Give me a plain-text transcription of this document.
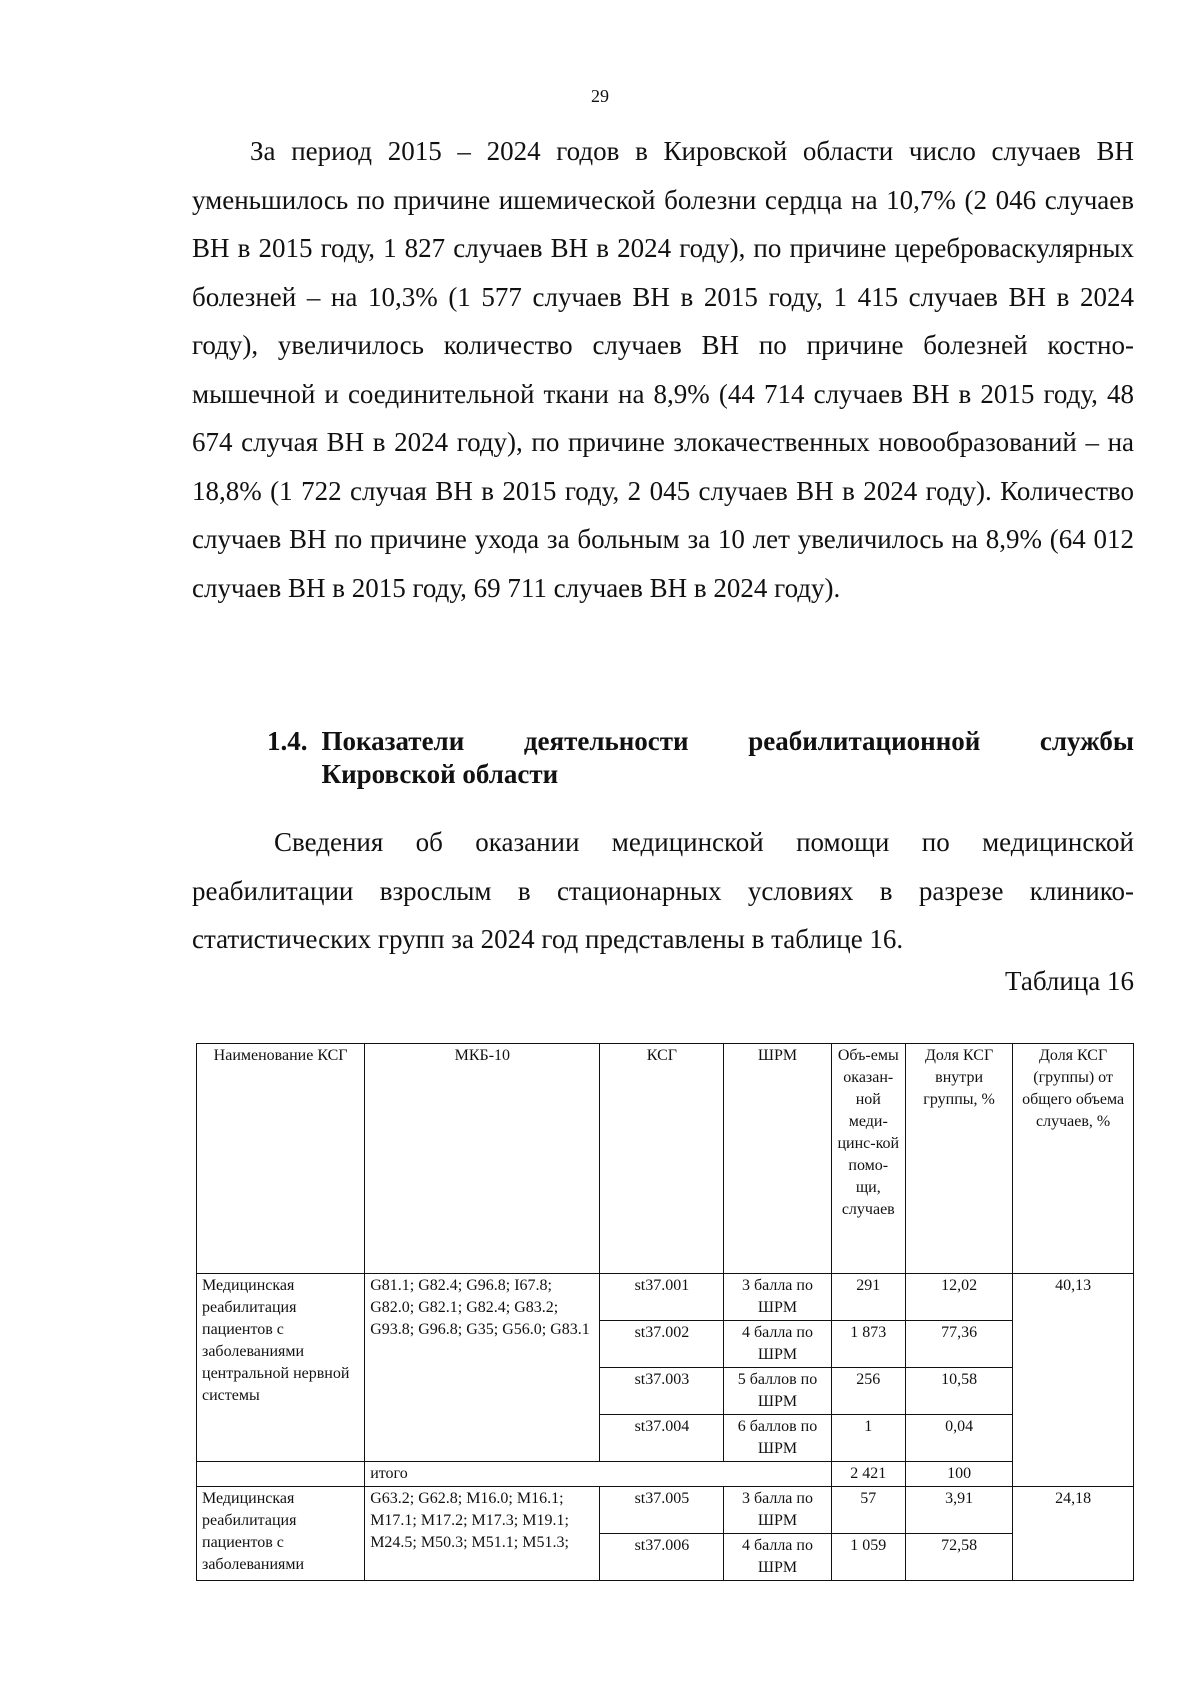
29

За период 2015 – 2024 годов в Кировской области число случаев ВН уменьшилось по причине ишемической болезни сердца на 10,7% (2 046 случаев ВН в 2015 году, 1 827 случаев ВН в 2024 году), по причине цереброваскулярных болезней – на 10,3% (1 577 случаев ВН в 2015 году, 1 415 случаев ВН в 2024 году), увеличилось количество случаев ВН по причине болезней костно-мышечной и соединительной ткани на 8,9% (44 714 случаев ВН в 2015 году, 48 674 случая ВН в 2024 году), по причине злокачественных новообразований – на 18,8% (1 722 случая ВН в 2015 году, 2 045 случаев ВН в 2024 году). Количество случаев ВН по причине ухода за больным за 10 лет увеличилось на 8,9% (64 012 случаев ВН в 2015 году, 69 711 случаев ВН в 2024 году).

1.4. Показатели деятельности реабилитационной службы
Кировской области

Сведения об оказании медицинской помощи по медицинской реабилитации взрослым в стационарных условиях в разрезе клинико-статистических групп за 2024 год представлены в таблице 16.

Таблица 16
Наименование КСГ	МКБ-10	КСГ	ШРМ	Объ-емы оказан-ной меди-цинс-кой помо-щи, случаев	Доля КСГ внутри группы, %	Доля КСГ (группы) от общего объема случаев, %
Медицинская реабилитация пациентов с заболеваниями центральной нервной системы	G81.1; G82.4; G96.8; I67.8; G82.0; G82.1; G82.4; G83.2; G93.8; G96.8; G35; G56.0; G83.1	st37.001	3 балла по ШРМ	291	12,02	40,13
		st37.002	4 балла по ШРМ	1 873	77,36	
		st37.003	5 баллов по ШРМ	256	10,58	
		st37.004	6 баллов по ШРМ	1	0,04	
	итого			2 421	100	
Медицинская реабилитация пациентов с заболеваниями	G63.2; G62.8; M16.0; M16.1; M17.1; M17.2; M17.3; M19.1; M24.5; M50.3; M51.1; M51.3;	st37.005	3 балла по ШРМ	57	3,91	24,18
		st37.006	4 балла по ШРМ	1 059	72,58	
